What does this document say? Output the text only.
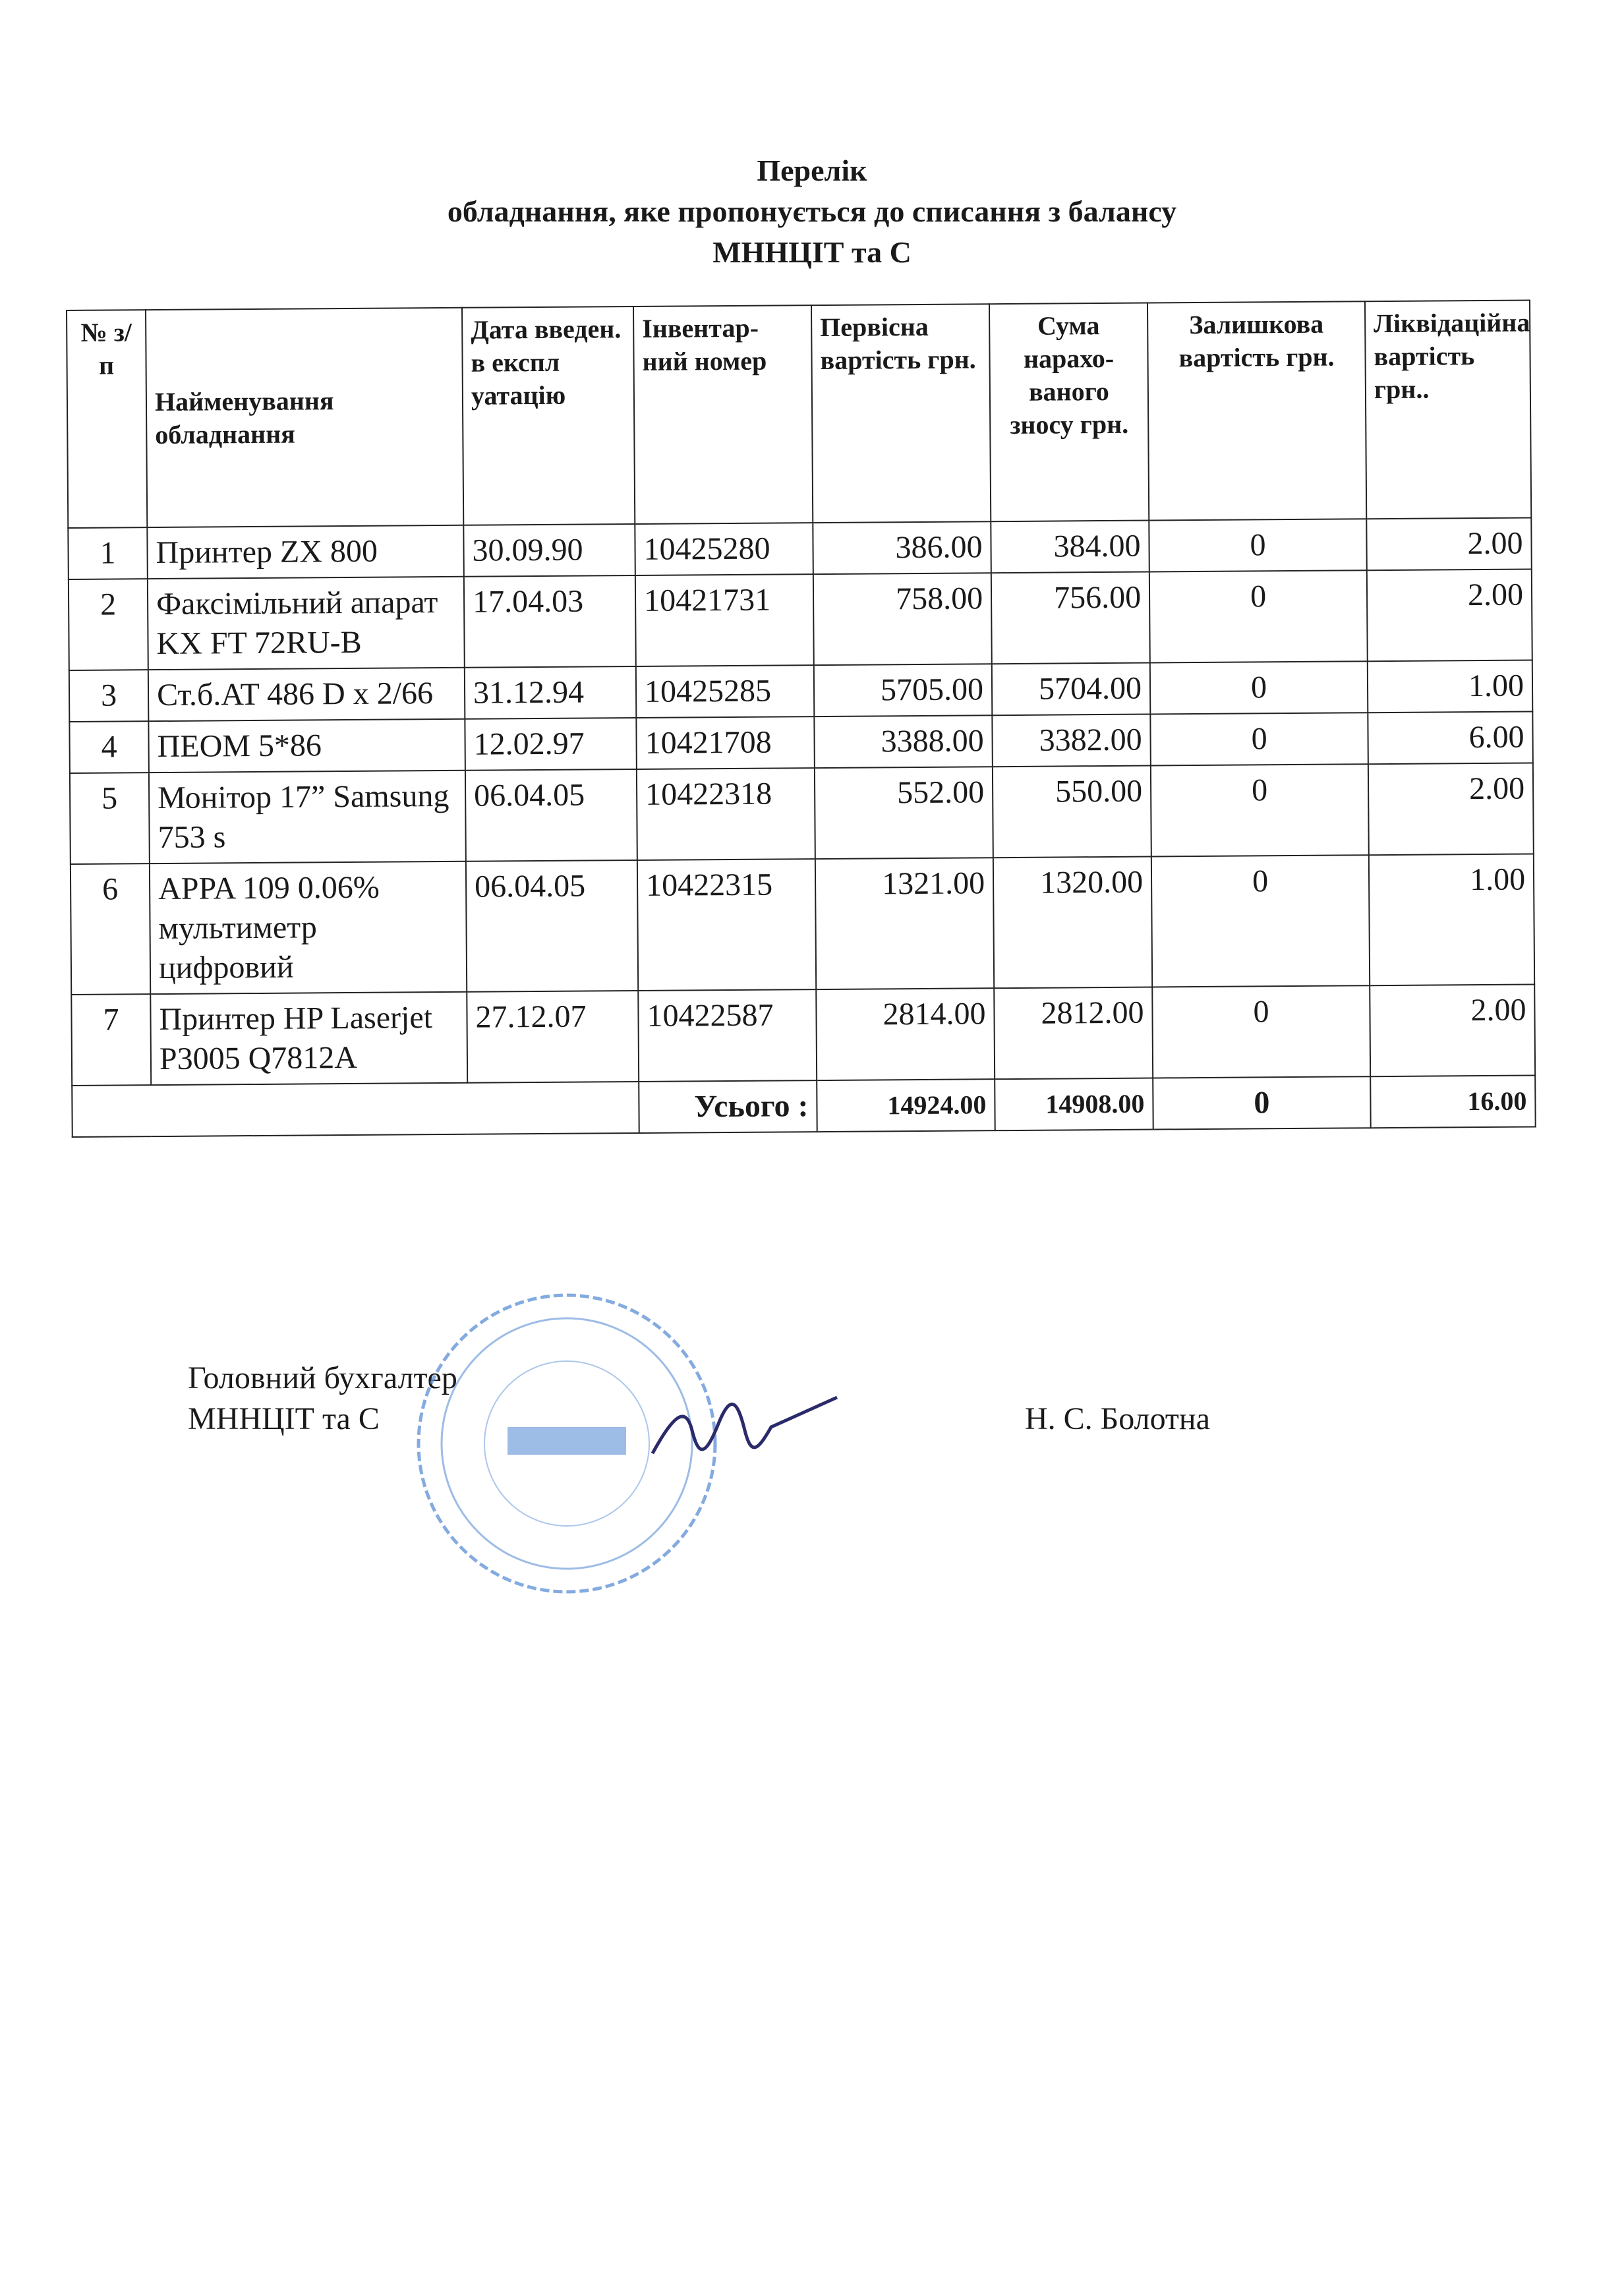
Перелік
обладнання, яке пропонується до списання з балансу
МННЦІТ та С
№ з/п	Найменування обладнання	Дата введен. в експл уатацію	Інвентар-ний номер	Первісна вартість грн.	Сума нарахо-ваного зносу грн.	Залишкова вартість грн.	Ліквідаційна вартість грн..
1	Принтер ZX 800	30.09.90	10425280	386.00	384.00	0	2.00
2	Факсімільний апарат KX FT 72RU-B	17.04.03	10421731	758.00	756.00	0	2.00
3	Ст.б.AT 486 D x 2/66	31.12.94	10425285	5705.00	5704.00	0	1.00
4	ПЕОМ 5*86	12.02.97	10421708	3388.00	3382.00	0	6.00
5	Монітор 17” Samsung 753 s	06.04.05	10422318	552.00	550.00	0	2.00
6	APPA 109 0.06% мультиметр цифровий	06.04.05	10422315	1321.00	1320.00	0	1.00
7	Принтер HP Laserjet P3005 Q7812A	27.12.07	10422587	2814.00	2812.00	0	2.00
			Усього :	14924.00	14908.00	0	16.00
Головний бухгалтер
МННЦІТ та С	Н. С. Болотна
